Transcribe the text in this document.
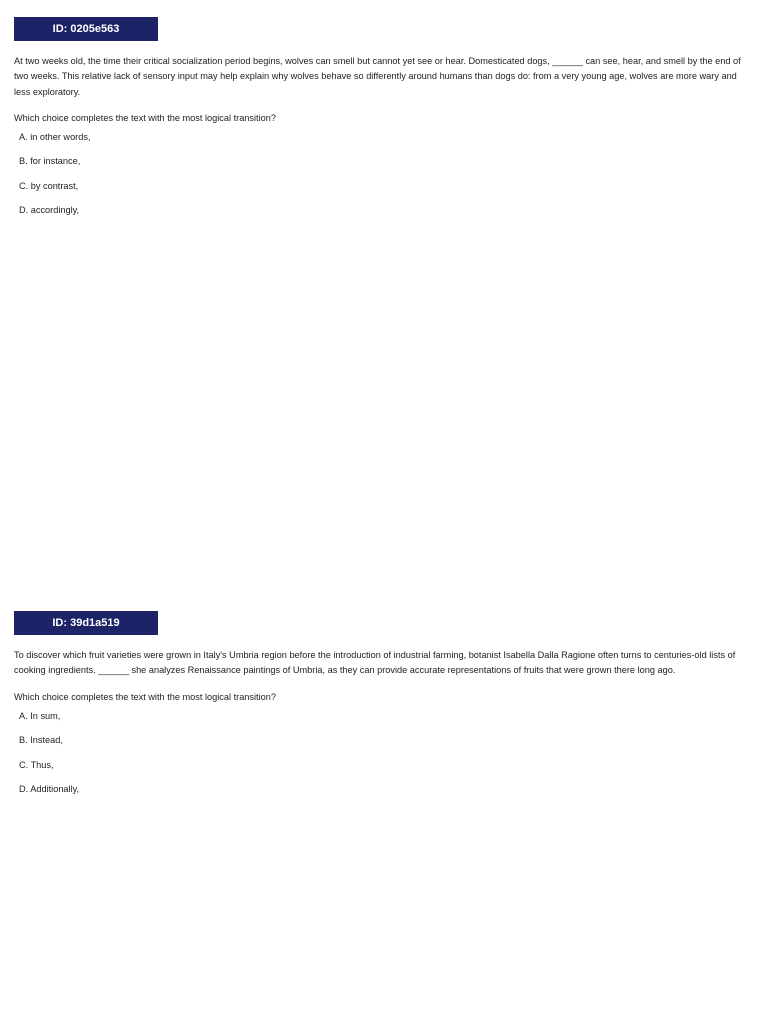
ID: 0205e563

At two weeks old, the time their critical socialization period begins, wolves can smell but cannot yet see or hear. Domesticated dogs, ______ can see, hear, and smell by the end of two weeks. This relative lack of sensory input may help explain why wolves behave so differently around humans than dogs do: from a very young age, wolves are more wary and less exploratory.

Which choice completes the text with the most logical transition?

A. in other words,
B. for instance,
C. by contrast,
D. accordingly,
ID: 39d1a519

To discover which fruit varieties were grown in Italy's Umbria region before the introduction of industrial farming, botanist Isabella Dalla Ragione often turns to centuries-old lists of cooking ingredients. ______ she analyzes Renaissance paintings of Umbria, as they can provide accurate representations of fruits that were grown there long ago.

Which choice completes the text with the most logical transition?

A. In sum,
B. Instead,
C. Thus,
D. Additionally,
